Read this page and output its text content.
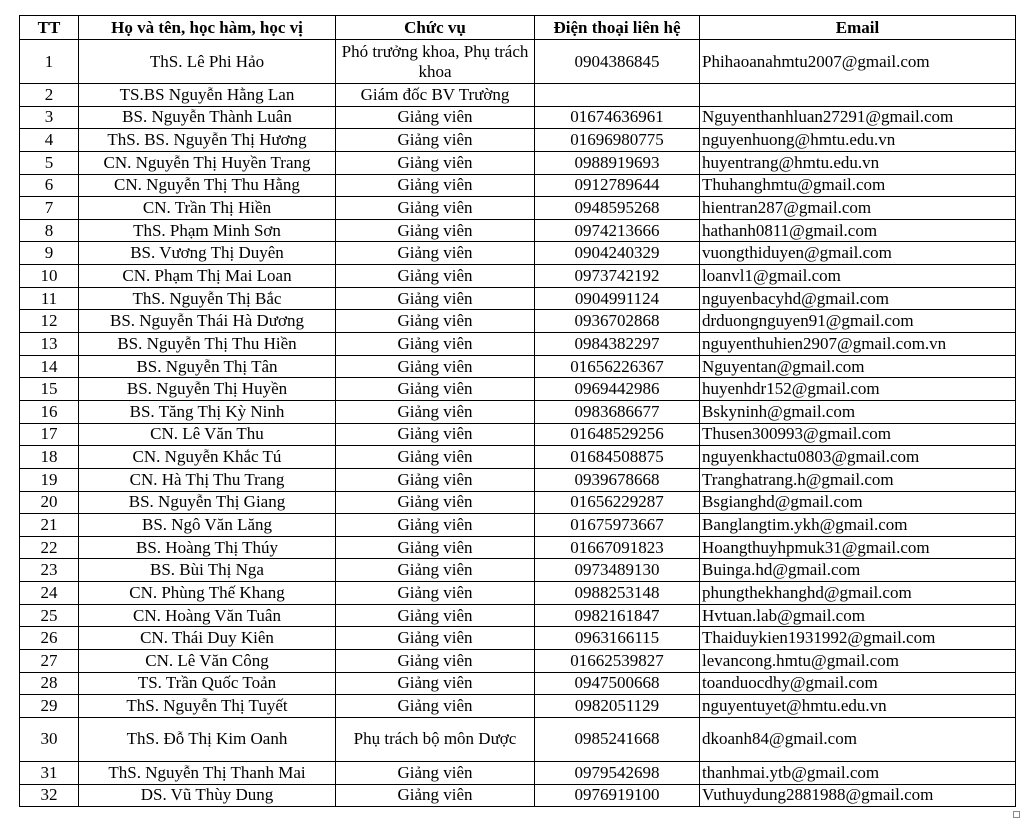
TT	Họ và tên, học hàm, học vị	Chức vụ	Điện thoại liên hệ	Email
1	ThS. Lê Phi Hảo	Phó trưởng khoa, Phụ trách khoa	0904386845	Phihaoanahmtu2007@gmail.com
2	TS.BS Nguyễn Hằng Lan	Giám đốc BV Trường		
3	BS. Nguyễn Thành Luân	Giảng viên	01674636961	Nguyenthanhluan27291@gmail.com
4	ThS. BS. Nguyễn Thị Hương	Giảng viên	01696980775	nguyenhuong@hmtu.edu.vn
5	CN. Nguyễn Thị Huyền Trang	Giảng viên	0988919693	huyentrang@hmtu.edu.vn
6	CN. Nguyễn Thị Thu Hằng	Giảng viên	0912789644	Thuhanghmtu@gmail.com
7	CN. Trần Thị Hiền	Giảng viên	0948595268	hientran287@gmail.com
8	ThS. Phạm Minh Sơn	Giảng viên	0974213666	hathanh0811@gmail.com
9	BS. Vương Thị Duyên	Giảng viên	0904240329	vuongthiduyen@gmail.com
10	CN. Phạm Thị Mai Loan	Giảng viên	0973742192	loanvl1@gmail.com
11	ThS. Nguyễn Thị Bắc	Giảng viên	0904991124	nguyenbacyhd@gmail.com
12	BS. Nguyễn Thái Hà Dương	Giảng viên	0936702868	drduongnguyen91@gmail.com
13	BS. Nguyễn Thị Thu Hiền	Giảng viên	0984382297	nguyenthuhien2907@gmail.com.vn
14	BS. Nguyễn Thị Tân	Giảng viên	01656226367	Nguyentan@gmail.com
15	BS. Nguyễn Thị Huyền	Giảng viên	0969442986	huyenhdr152@gmail.com
16	BS. Tăng Thị Kỳ Ninh	Giảng viên	0983686677	Bskyninh@gmail.com
17	CN. Lê Văn Thu	Giảng viên	01648529256	Thusen300993@gmail.com
18	CN. Nguyễn Khắc Tú	Giảng viên	01684508875	nguyenkhactu0803@gmail.com
19	CN. Hà Thị Thu Trang	Giảng viên	0939678668	Tranghatrang.h@gmail.com
20	BS. Nguyễn Thị Giang	Giảng viên	01656229287	Bsgianghd@gmail.com
21	BS. Ngô Văn Lăng	Giảng viên	01675973667	Banglangtim.ykh@gmail.com
22	BS. Hoàng Thị Thúy	Giảng viên	01667091823	Hoangthuyhpmuk31@gmail.com
23	BS. Bùi Thị Nga	Giảng viên	0973489130	Buinga.hd@gmail.com
24	CN. Phùng Thế Khang	Giảng viên	0988253148	phungthekhanghd@gmail.com
25	CN. Hoàng Văn Tuân	Giảng viên	0982161847	Hvtuan.lab@gmail.com
26	CN. Thái Duy Kiên	Giảng viên	0963166115	Thaiduykien1931992@gmail.com
27	CN. Lê Văn Công	Giảng viên	01662539827	levancong.hmtu@gmail.com
28	TS. Trần Quốc Toản	Giảng viên	0947500668	toanduocdhy@gmail.com
29	ThS. Nguyễn Thị Tuyết	Giảng viên	0982051129	nguyentuyet@hmtu.edu.vn
30	ThS. Đỗ Thị Kim Oanh	Phụ trách bộ môn Dược	0985241668	dkoanh84@gmail.com
31	ThS. Nguyễn Thị Thanh Mai	Giảng viên	0979542698	thanhmai.ytb@gmail.com
32	DS. Vũ Thùy Dung	Giảng viên	0976919100	Vuthuydung2881988@gmail.com
